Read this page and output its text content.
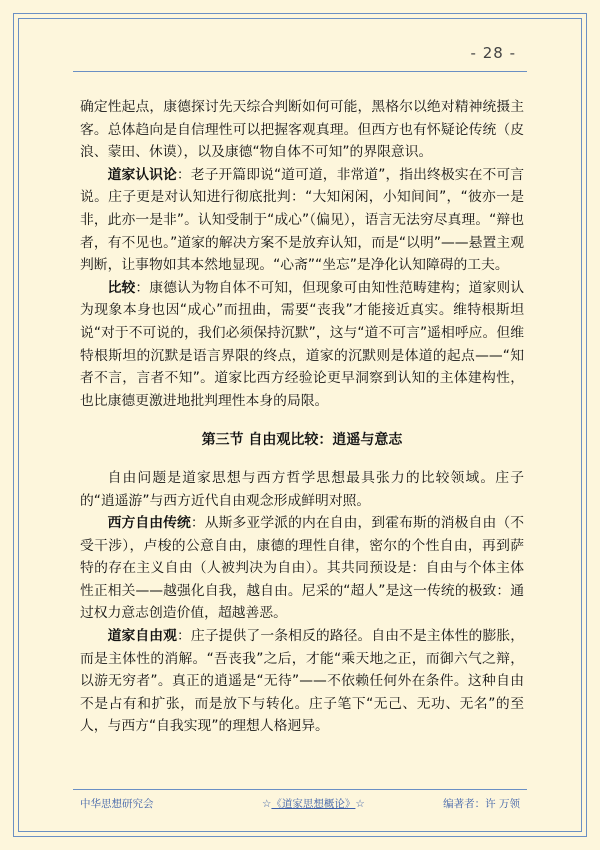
- 28 -

确定性起点，康德探讨先天综合判断如何可能，黑格尔以绝对精神统摄主客。总体趋向是自信理性可以把握客观真理。但西方也有怀疑论传统（皮浪、蒙田、休谟），以及康德“物自体不可知”的界限意识。

道家认识论：老子开篇即说“道可道，非常道”，指出终极实在不可言说。庄子更是对认知进行彻底批判：“大知闲闲，小知间间”，“彼亦一是非，此亦一是非”。认知受制于“成心”（偏见），语言无法穷尽真理。“辩也者，有不见也。”道家的解决方案不是放弃认知，而是“以明”——悬置主观判断，让事物如其本然地显现。“心斋”“坐忘”是净化认知障碍的工夫。

比较：康德认为物自体不可知，但现象可由知性范畴建构；道家则认为现象本身也因“成心”而扭曲，需要“丧我”才能接近真实。维特根斯坦说“对于不可说的，我们必须保持沉默”，这与“道不可言”遥相呼应。但维特根斯坦的沉默是语言界限的终点，道家的沉默则是体道的起点——“知者不言，言者不知”。道家比西方经验论更早洞察到认知的主体建构性，也比康德更激进地批判理性本身的局限。

第三节 自由观比较：逍遥与意志

自由问题是道家思想与西方哲学思想最具张力的比较领域。庄子的“逍遥游”与西方近代自由观念形成鲜明对照。

西方自由传统：从斯多亚学派的内在自由，到霍布斯的消极自由（不受干涉），卢梭的公意自由，康德的理性自律，密尔的个性自由，再到萨特的存在主义自由（人被判决为自由）。其共同预设是：自由与个体主体性正相关——越强化自我，越自由。尼采的“超人”是这一传统的极致：通过权力意志创造价值，超越善恶。

道家自由观：庄子提供了一条相反的路径。自由不是主体性的膨胀，而是主体性的消解。“吾丧我”之后，才能“乘天地之正，而御六气之辩，以游无穷者”。真正的逍遥是“无待”——不依赖任何外在条件。这种自由不是占有和扩张，而是放下与转化。庄子笔下“无己、无功、无名”的至人，与西方“自我实现”的理想人格迥异。

中华思想研究会	☆《道家思想概论》☆	编著者：许 万领
